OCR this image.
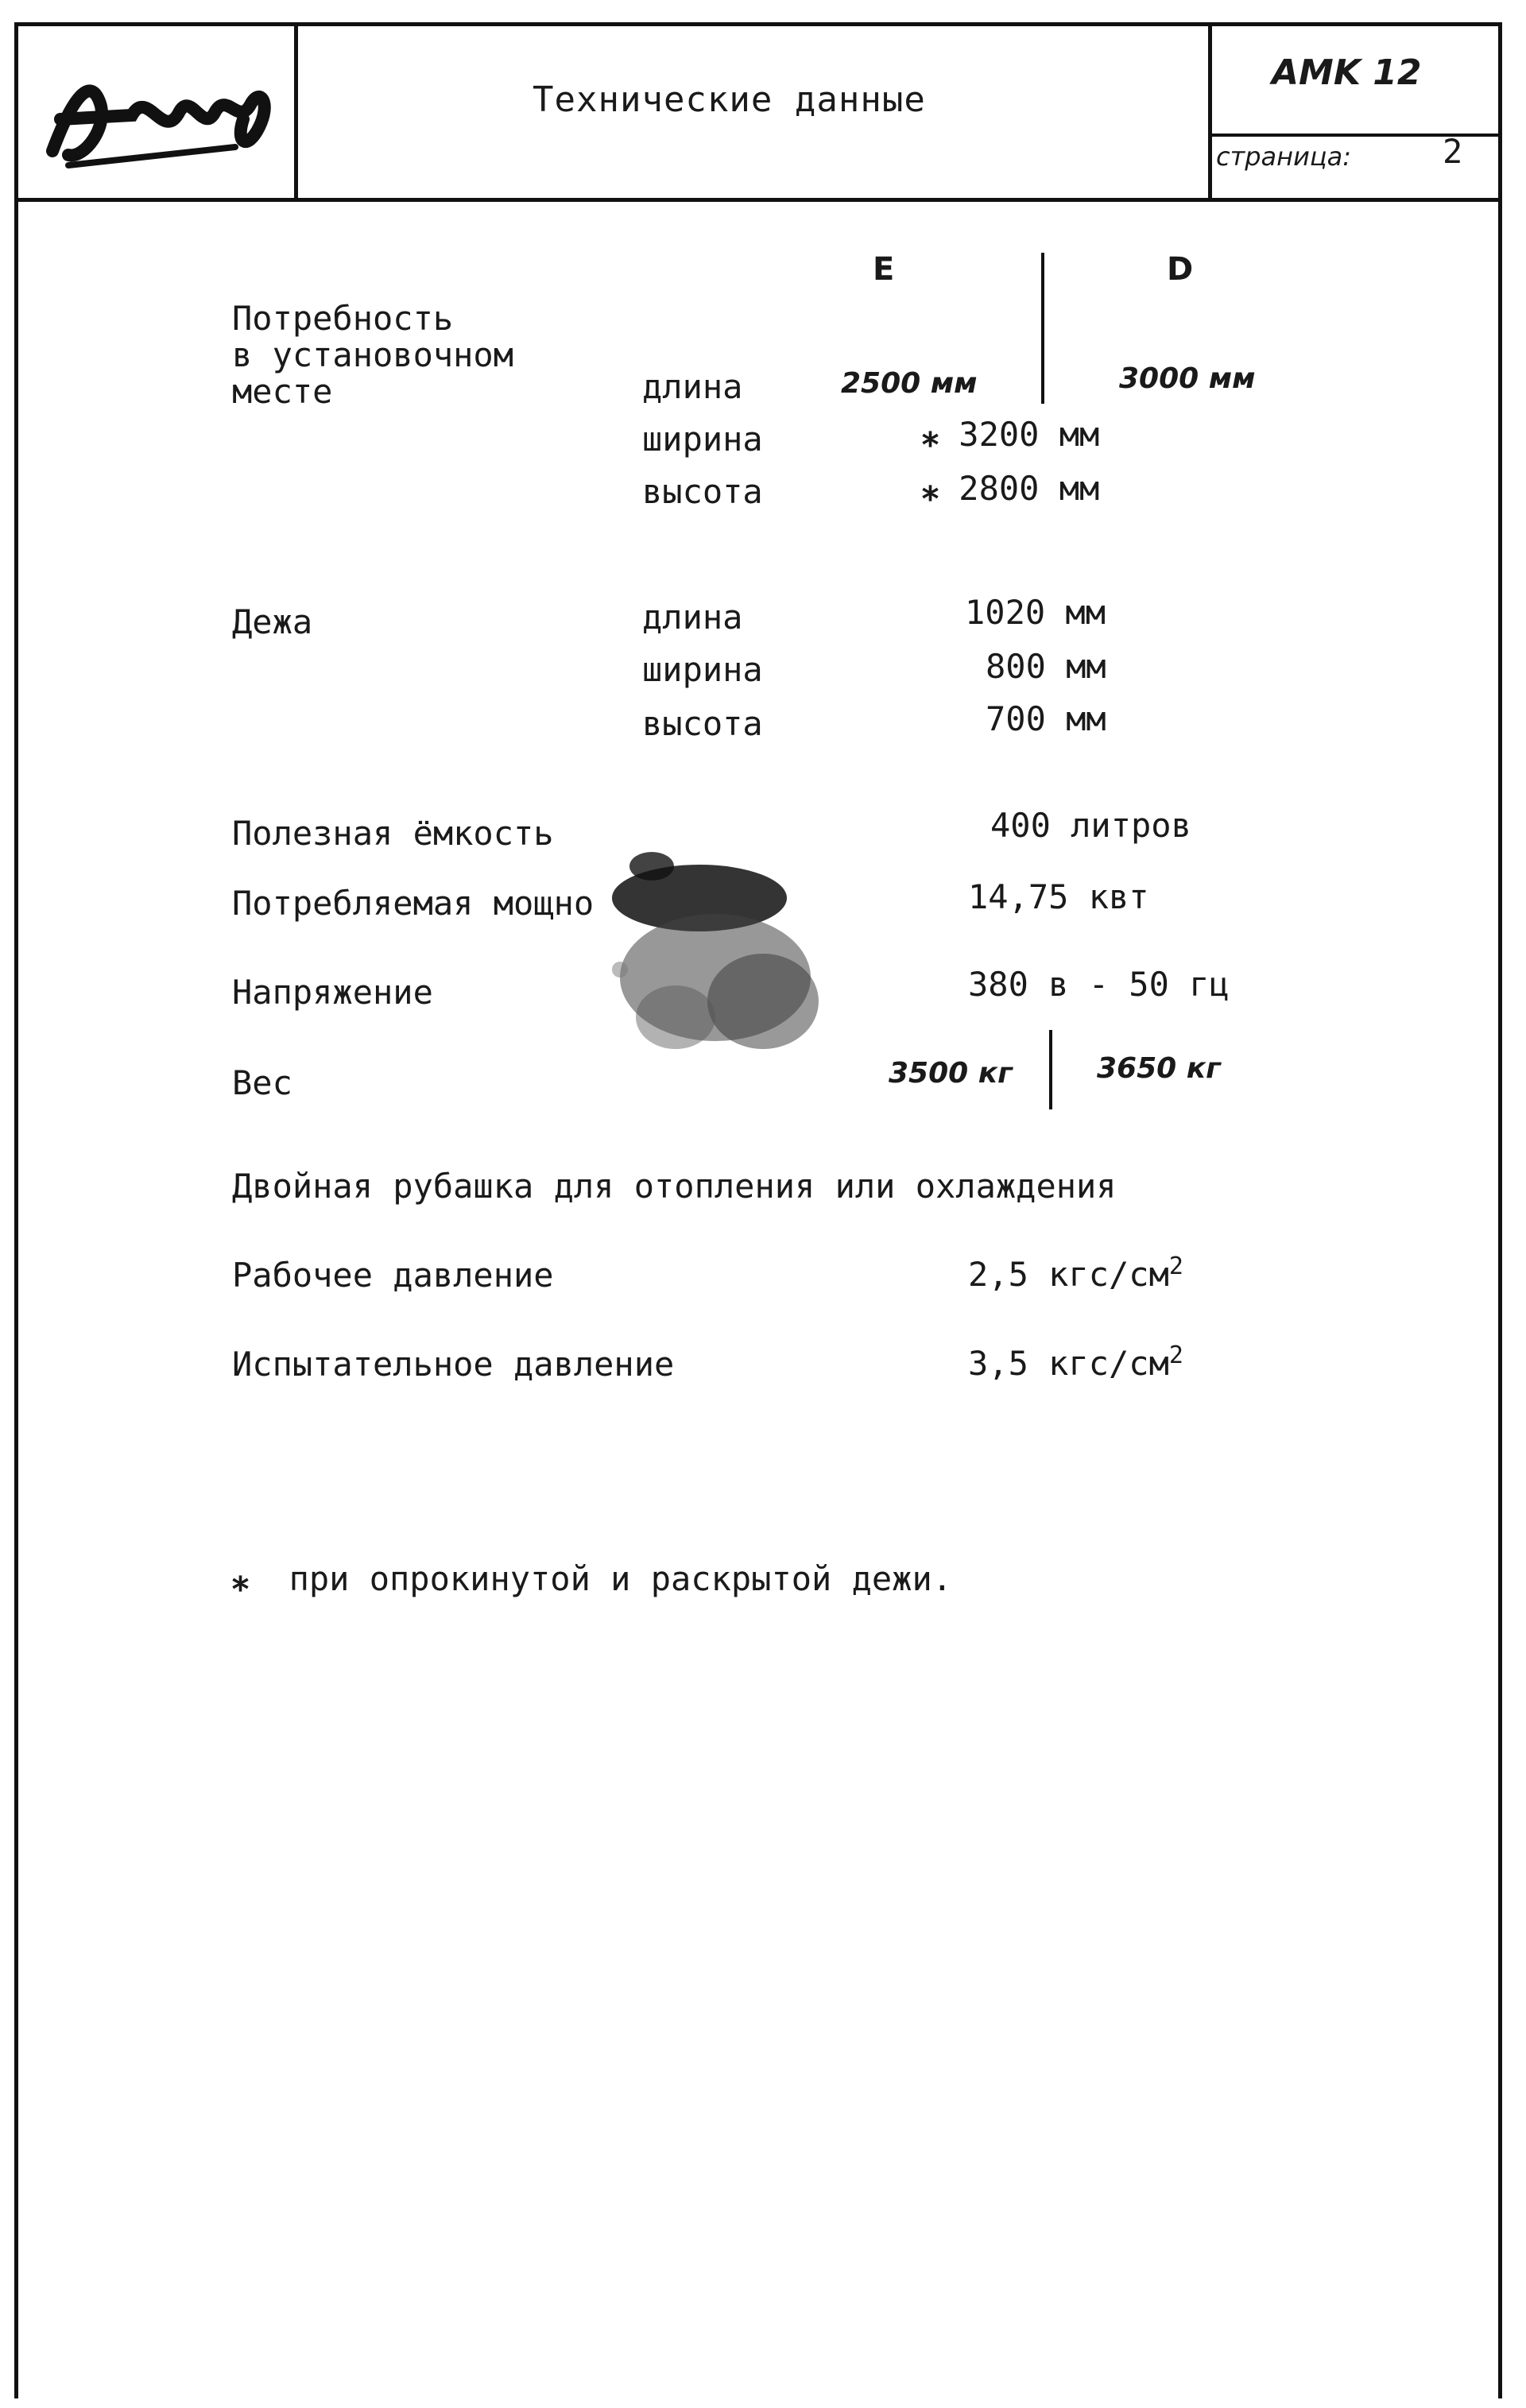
Технические данные
AMK 12
страница:	2
E	D
Потребность
в установочном
месте	длина	2500 мм	3000 мм
ширина	⁎ 3200 мм
высота	⁎ 2800 мм
Дежа	длина	1020 мм
ширина	800 мм
высота	700 мм
Полезная ёмкость	400 литров
Потребляемая мощно	14,75 квт
Напряжение	380 в - 50 гц
Вес	3500 кг	3650 кг
Двойная рубашка для отопления или охлаждения
Рабочее давление	2,5 кгс/$см^2$
Испытательное давление	3,5 кгс/$см^2$
⁎ при опрокинутой и раскрытой дежи.
